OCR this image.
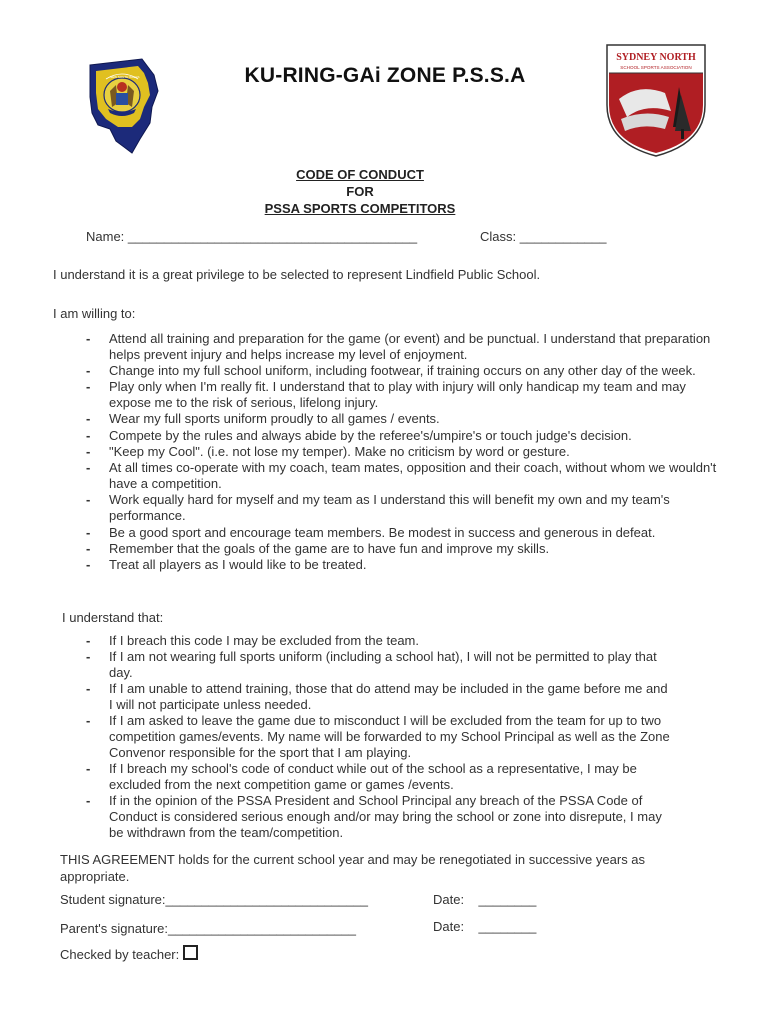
NEW SOUTH WALES	KU-RING-GAi ZONE P.S.S.A
SYDNEY NORTH
SCHOOL SPORTS ASSOCIATION
CODE OF CONDUCT
FOR
PSSA SPORTS COMPETITORS
Name: ________________________________________	Class: ____________
I understand it is a great privilege to be selected to represent Lindfield Public School.
I am willing to:
- Attend all training and preparation for the game (or event) and be punctual. I understand that preparation helps prevent injury and helps increase my level of enjoyment.
- Change into my full school uniform, including footwear, if training occurs on any other day of the week.
- Play only when I'm really fit. I understand that to play with injury will only handicap my team and may expose me to the risk of serious, lifelong injury.
- Wear my full sports uniform proudly to all games / events.
- Compete by the rules and always abide by the referee's/umpire's or touch judge's decision.
- "Keep my Cool". (i.e. not lose my temper). Make no criticism by word or gesture.
- At all times co-operate with my coach, team mates, opposition and their coach, without whom we wouldn't have a competition.
- Work equally hard for myself and my team as I understand this will benefit my own and my team's performance.
- Be a good sport and encourage team members. Be modest in success and generous in defeat.
- Remember that the goals of the game are to have fun and improve my skills.
- Treat all players as I would like to be treated.
I understand that:
- If I breach this code I may be excluded from the team.
- If I am not wearing full sports uniform (including a school hat), I will not be permitted to play that day.
- If I am unable to attend training, those that do attend may be included in the game before me and I will not participate unless needed.
- If I am asked to leave the game due to misconduct I will be excluded from the team for up to two competition games/events. My name will be forwarded to my School Principal as well as the Zone Convenor responsible for the sport that I am playing.
- If I breach my school's code of conduct while out of the school as a representative, I may be excluded from the next competition game or games /events.
- If in the opinion of the PSSA President and School Principal any breach of the PSSA Code of Conduct is considered serious enough and/or may bring the school or zone into disrepute, I may be withdrawn from the team/competition.
THIS AGREEMENT holds for the current school year and may be renegotiated in successive years as appropriate.
Student signature:____________________________	Date:    ________
Parent's signature:__________________________	Date:    ________
Checked by teacher:
